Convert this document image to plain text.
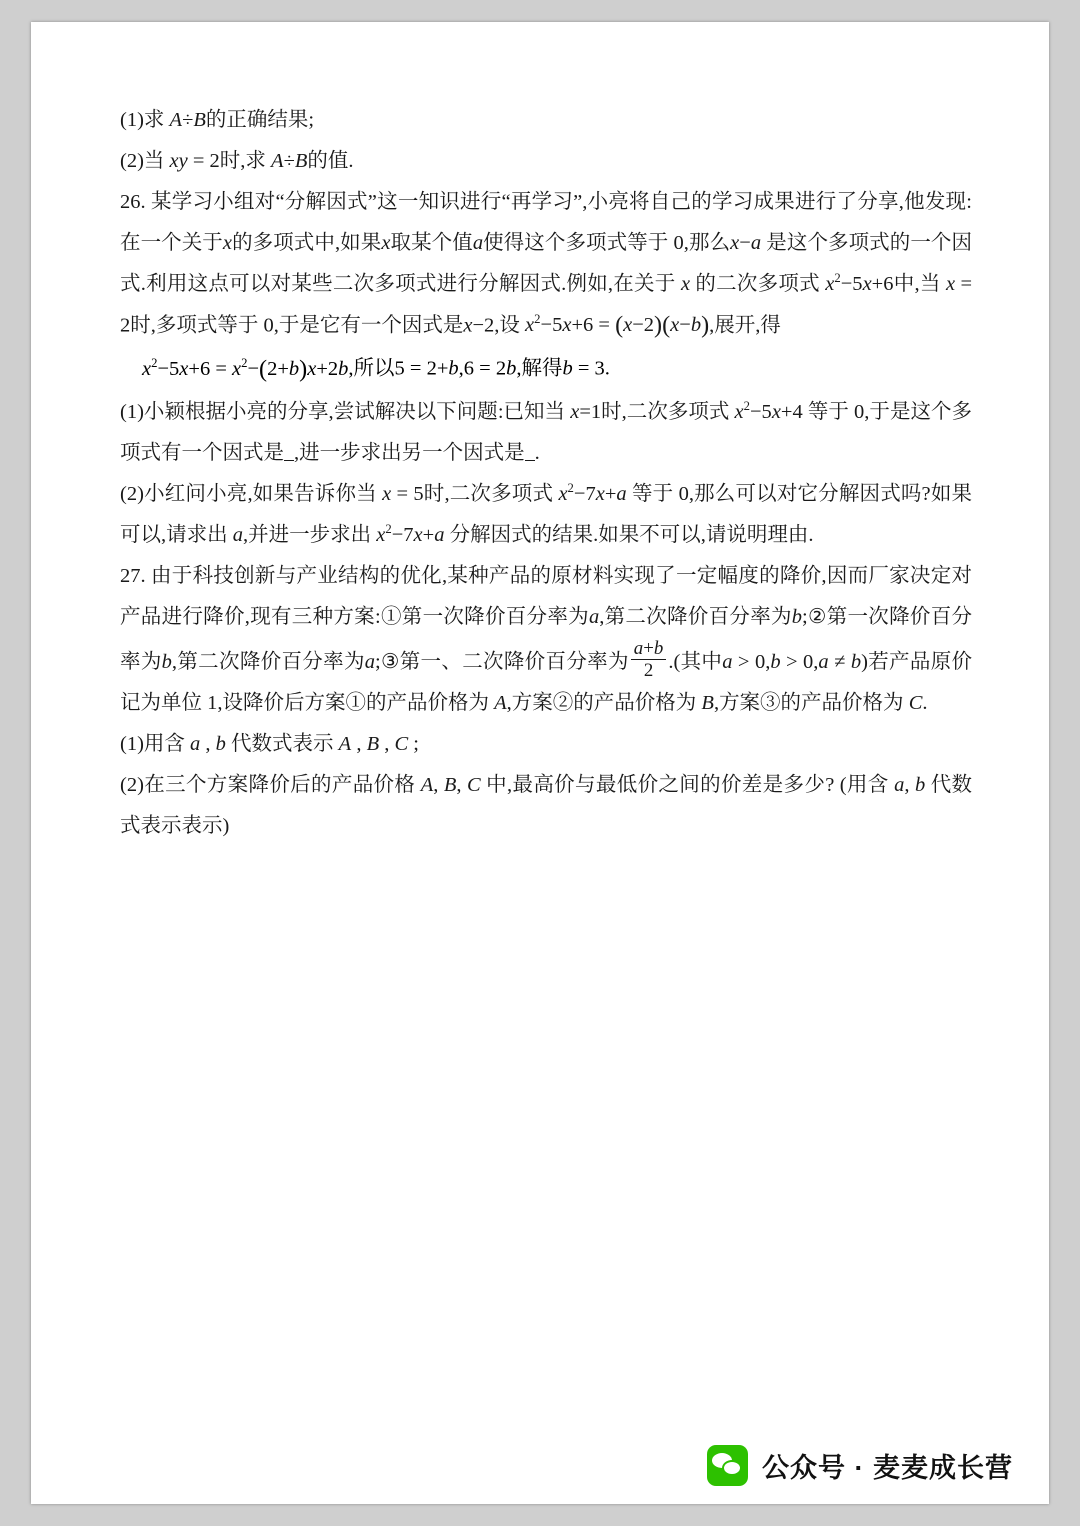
(1)求 A÷B的正确结果;

(2)当 xy = 2时,求 A÷B的值.

26. 某学习小组对“分解因式”这一知识进行“再学习”,小亮将自己的学习成果进行了分享,他发现:在一个关于x的多项式中,如果x取某个值a使得这个多项式等于 0,那么x−a 是这个多项式的一个因式.利用这点可以对某些二次多项式进行分解因式.例如,在关于 x 的二次多项式 $x^2-5x+6$中,当 x = 2时,多项式等于 0,于是它有一个因式是x−2,设 $x^2-5x+6 = (x-2)(x-b)$,展开,得

$x^2-5x+6 = x^2-(2+b)x+2b$,所以5 = 2+b,6 = 2b,解得b = 3.

(1)小颖根据小亮的分享,尝试解决以下问题:已知当 x=1时,二次多项式 $x^2-5x+4$ 等于 0,于是这个多项式有一个因式是 ,进一步求出另一个因式是 .

(2)小红问小亮,如果告诉你当 x = 5时,二次多项式 $x^2-7x+a$ 等于 0,那么可以对它分解因式吗?如果可以,请求出 a,并进一步求出 $x^2-7x+a$ 分解因式的结果.如果不可以,请说明理由.

27. 由于科技创新与产业结构的优化,某种产品的原材料实现了一定幅度的降价,因而厂家决定对产品进行降价,现有三种方案:①第一次降价百分率为a,第二次降价百分率为b;②第一次降价百分率为b,第二次降价百分率为a;③第一、二次降价百分率为 $\frac{a+b}{2}$ .(其中a > 0,b > 0,a ≠ b)若产品原价记为单位 1,设降价后方案①的产品价格为 A,方案②的产品价格为 B,方案③的产品价格为 C.

(1)用含 a , b 代数式表示 A , B , C ;

(2)在三个方案降价后的产品价格 A, B, C 中,最高价与最低价之间的价差是多少? (用含 a, b 代数式表示表示)

公众号 · 麦麦成长营
